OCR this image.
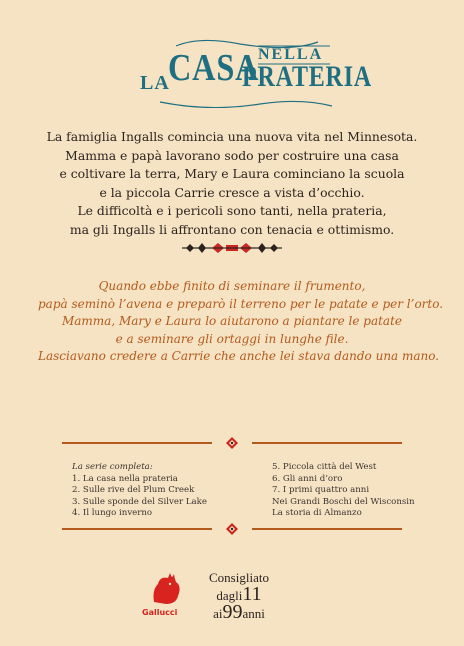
LA
CASA
NELLA
PRATERIA
La famiglia Ingalls comincia una nuova vita nel Minnesota.
Mamma e papà lavorano sodo per costruire una casa
e coltivare la terra, Mary e Laura cominciano la scuola
e la piccola Carrie cresce a vista d’occhio.
Le difficoltà e i pericoli sono tanti, nella prateria,
ma gli Ingalls li affrontano con tenacia e ottimismo.
Quando ebbe finito di seminare il frumento,
papà seminò l’avena e preparò il terreno per le patate e per l’orto.
Mamma, Mary e Laura lo aiutarono a piantare le patate
e a seminare gli ortaggi in lunghe file.
Lasciavano credere a Carrie che anche lei stava dando una mano.
La serie completa:
1. La casa nella prateria
2. Sulle rive del Plum Creek
3. Sulle sponde del Silver Lake
4. Il lungo inverno
5. Piccola città del West
6. Gli anni d’oro
7. I primi quattro anni
Nei Grandi Boschi del Wisconsin
La storia di Almanzo
Gallucci
Consigliato
dagli11
ai99anni
